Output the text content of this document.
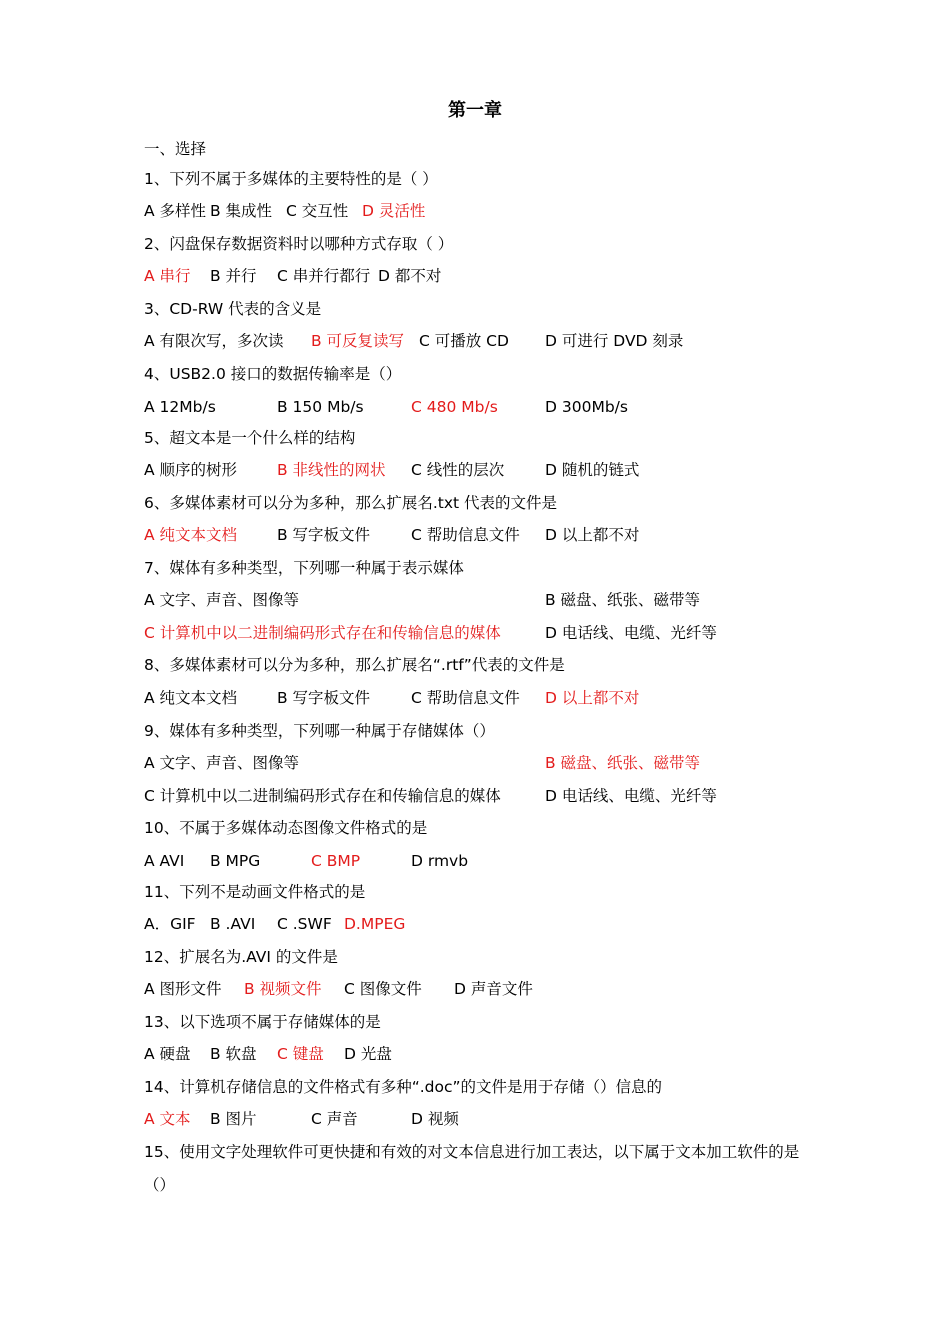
第一章
一、选择
1、下列不属于多媒体的主要特性的是（ ）
A 多样性 B 集成性 C 交互性 D 灵活性
2、闪盘保存数据资料时以哪种方式存取（ ）
A 串行 B 并行 C 串并行都行 D 都不对
3、CD-RW 代表的含义是
A 有限次写，多次读 B 可反复读写 C 可播放 CD D 可进行 DVD 刻录
4、USB2.0 接口的数据传输率是（）
A 12Mb/s	B 150 Mb/s	C 480 Mb/s	D 300Mb/s
5、超文本是一个什么样的结构
A 顺序的树形	B 非线性的网状 C 线性的层次	D 随机的链式
6、多媒体素材可以分为多种，那么扩展名.txt 代表的文件是
A 纯文本文档	B 写字板文件	C 帮助信息文件 D 以上都不对
7、媒体有多种类型，下列哪一种属于表示媒体
A 文字、声音、图像等	B 磁盘、纸张、磁带等
C 计算机中以二进制编码形式存在和传输信息的媒体	D 电话线、电缆、光纤等
8、多媒体素材可以分为多种，那么扩展名“.rtf”代表的文件是
A 纯文本文档	B 写字板文件	C 帮助信息文件 D 以上都不对
9、媒体有多种类型，下列哪一种属于存储媒体（）
A 文字、声音、图像等	B 磁盘、纸张、磁带等
C 计算机中以二进制编码形式存在和传输信息的媒体	D 电话线、电缆、光纤等
10、不属于多媒体动态图像文件格式的是
A AVI B MPG	C BMP	D rmvb
11、下列不是动画文件格式的是
A．GIF B .AVI C .SWF D.MPEG
12、扩展名为.AVI 的文件是
A 图形文件 B 视频文件 C 图像文件 D 声音文件
13、以下选项不属于存储媒体的是
A 硬盘 B 软盘 C 键盘 D 光盘
14、计算机存储信息的文件格式有多种“.doc”的文件是用于存储（）信息的
A 文本 B 图片	C 声音	D 视频
15、使用文字处理软件可更快捷和有效的对文本信息进行加工表达，以下属于文本加工软件的是（）
